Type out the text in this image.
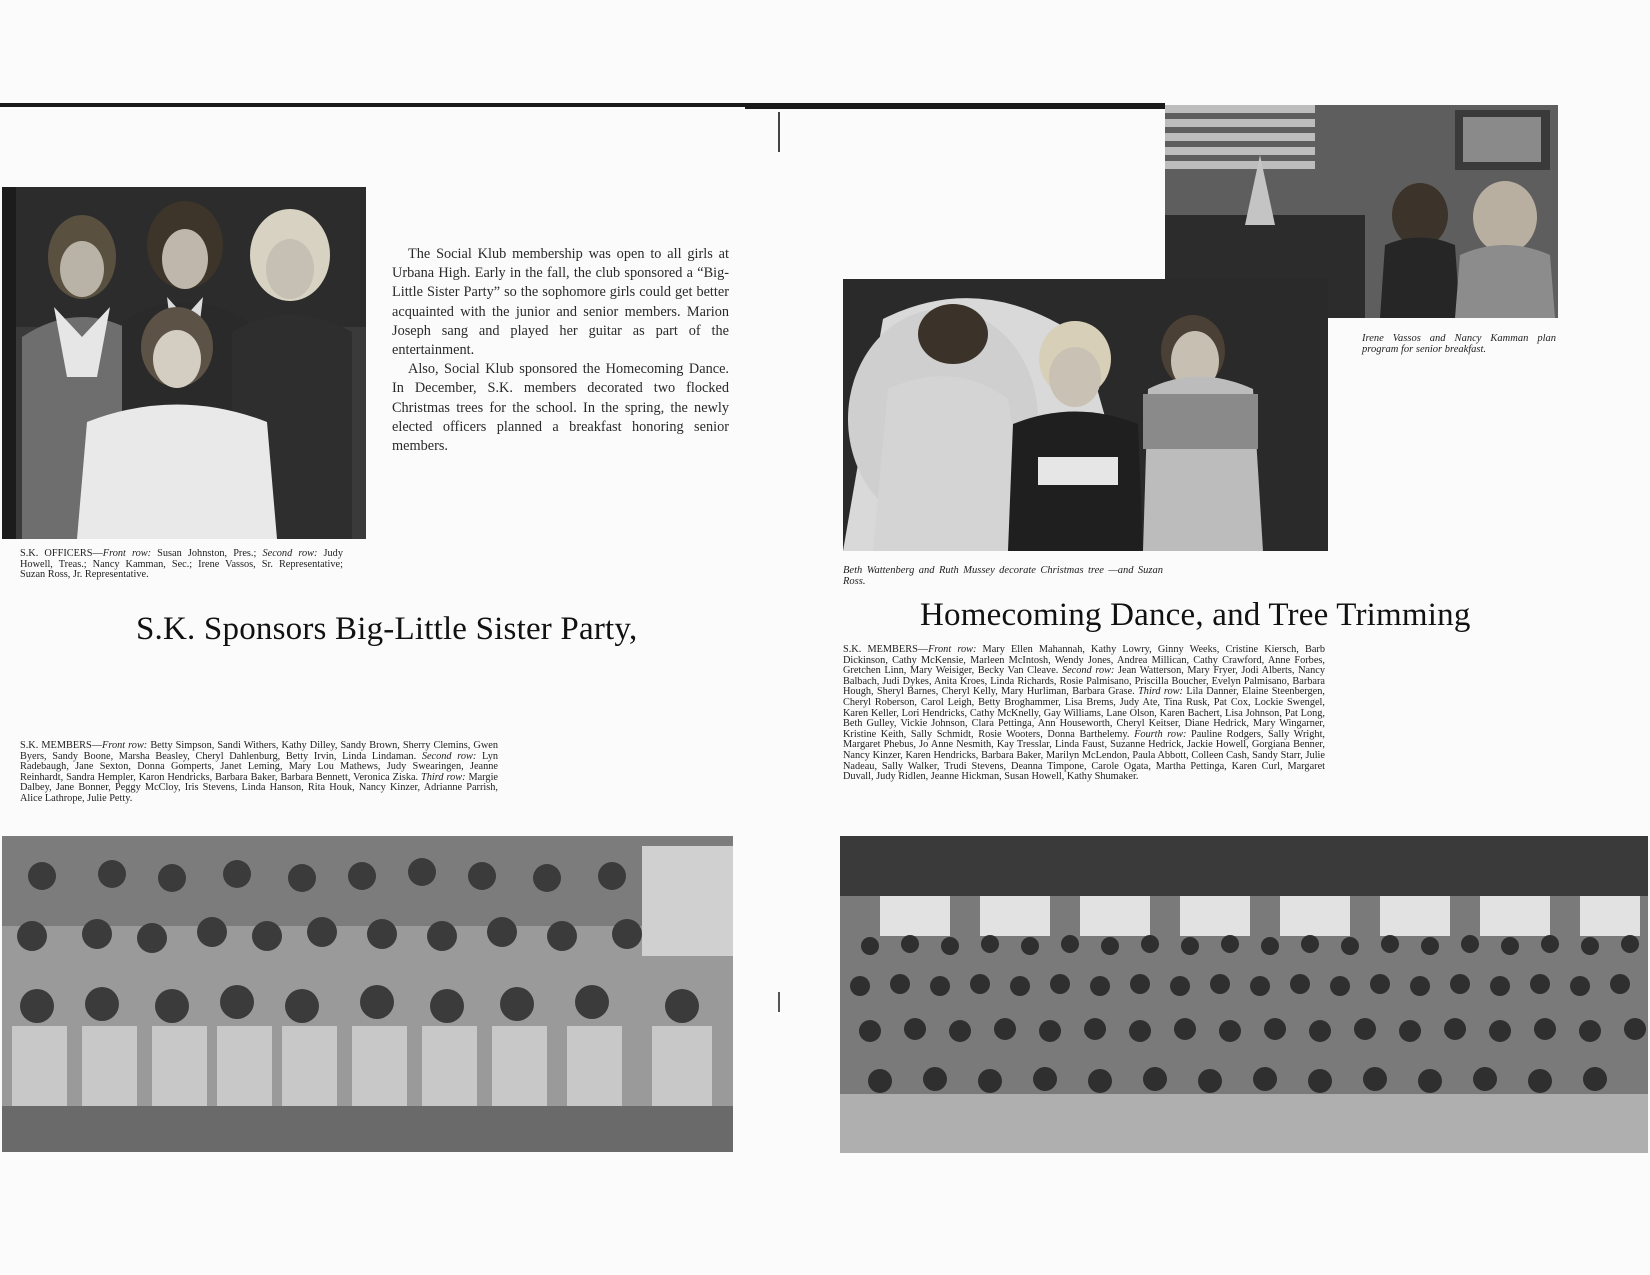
The Social Klub membership was open to all girls at Urbana High. Early in the fall, the club sponsored a “Big-Little Sister Party” so the sophomore girls could get better acquainted with the junior and senior members. Marion Joseph sang and played her guitar as part of the entertainment.

Also, Social Klub sponsored the Homecoming Dance. In December, S.K. members decorated two flocked Christmas trees for the school. In the spring, the newly elected officers planned a breakfast honoring senior members.

S.K. OFFICERS—Front row: Susan Johnston, Pres.; Second row: Judy Howell, Treas.; Nancy Kamman, Sec.; Irene Vassos, Sr. Representative; Suzan Ross, Jr. Representative.
S.K. Sponsors Big-Little Sister Party,
S.K. MEMBERS—Front row: Betty Simpson, Sandi Withers, Kathy Dilley, Sandy Brown, Sherry Clemins, Gwen Byers, Sandy Boone, Marsha Beasley, Cheryl Dahlenburg, Betty Irvin, Linda Lindaman. Second row: Lyn Radebaugh, Jane Sexton, Donna Gomperts, Janet Leming, Mary Lou Mathews, Judy Swearingen, Jeanne Reinhardt, Sandra Hempler, Karon Hendricks, Barbara Baker, Barbara Bennett, Veronica Ziska. Third row: Margie Dalbey, Jane Bonner, Peggy McCloy, Iris Stevens, Linda Hanson, Rita Houk, Nancy Kinzer, Adrianne Parrish, Alice Lathrope, Julie Petty.
Irene Vassos and Nancy Kamman plan program for senior breakfast.
Beth Wattenberg and Ruth Mussey decorate Christmas tree —and Suzan Ross.
Homecoming Dance, and Tree Trimming
S.K. MEMBERS—Front row: Mary Ellen Mahannah, Kathy Lowry, Ginny Weeks, Cristine Kiersch, Barb Dickinson, Cathy McKensie, Marleen McIntosh, Wendy Jones, Andrea Millican, Cathy Crawford, Anne Forbes, Gretchen Linn, Mary Weisiger, Becky Van Cleave. Second row: Jean Watterson, Mary Fryer, Jodi Alberts, Nancy Balbach, Judi Dykes, Anita Kroes, Linda Richards, Rosie Palmisano, Priscilla Boucher, Evelyn Palmisano, Barbara Hough, Sheryl Barnes, Cheryl Kelly, Mary Hurliman, Barbara Grase. Third row: Lila Danner, Elaine Steenbergen, Cheryl Roberson, Carol Leigh, Betty Broghammer, Lisa Brems, Judy Ate, Tina Rusk, Pat Cox, Lockie Swengel, Karen Keller, Lori Hendricks, Cathy McKnelly, Gay Williams, Lane Olson, Karen Bachert, Lisa Johnson, Pat Long, Beth Gulley, Vickie Johnson, Clara Pettinga, Ann Houseworth, Cheryl Keitser, Diane Hedrick, Mary Wingarner, Kristine Keith, Sally Schmidt, Rosie Wooters, Donna Barthelemy. Fourth row: Pauline Rodgers, Sally Wright, Margaret Phebus, Jo Anne Nesmith, Kay Tresslar, Linda Faust, Suzanne Hedrick, Jackie Howell, Gorgiana Benner, Nancy Kinzer, Karen Hendricks, Barbara Baker, Marilyn McLendon, Paula Abbott, Colleen Cash, Sandy Starr, Julie Nadeau, Sally Walker, Trudi Stevens, Deanna Timpone, Carole Ogata, Martha Pettinga, Karen Curl, Margaret Duvall, Judy Ridlen, Jeanne Hickman, Susan Howell, Kathy Shumaker.
